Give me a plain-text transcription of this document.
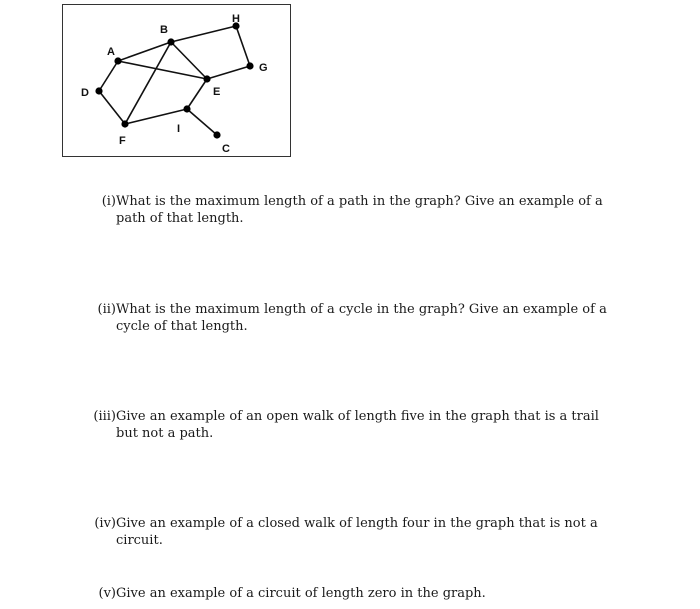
A
B
C
D	E
F
G
H
I
(i) What is the maximum length of a path in the graph? Give an example of a path of that length.
(ii) What is the maximum length of a cycle in the graph? Give an example of a cycle of that length.
(iii) Give an example of an open walk of length five in the graph that is a trail but not a path.
(iv) Give an example of a closed walk of length four in the graph that is not a circuit.
(v) Give an example of a circuit of length zero in the graph.
